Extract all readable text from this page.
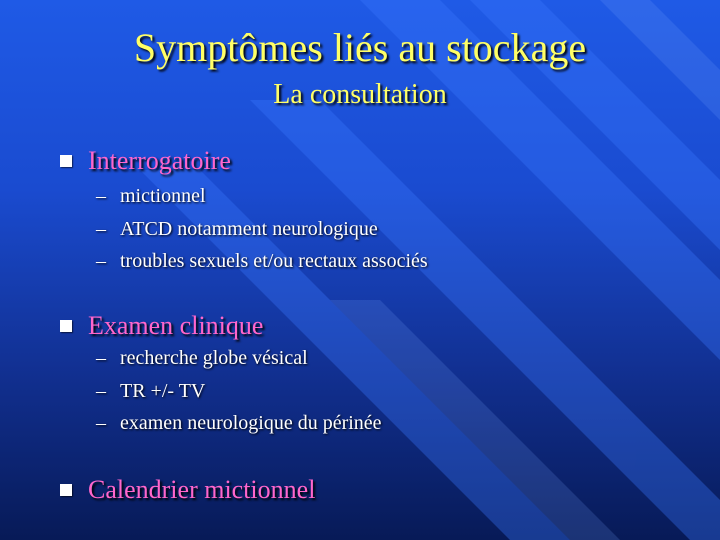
Symptômes liés au stockage
La consultation
Interrogatoire
– mictionnel
– ATCD notamment neurologique
– troubles sexuels et/ou rectaux associés
Examen clinique
– recherche globe vésical
– TR +/- TV
– examen neurologique du périnée
Calendrier mictionnel
